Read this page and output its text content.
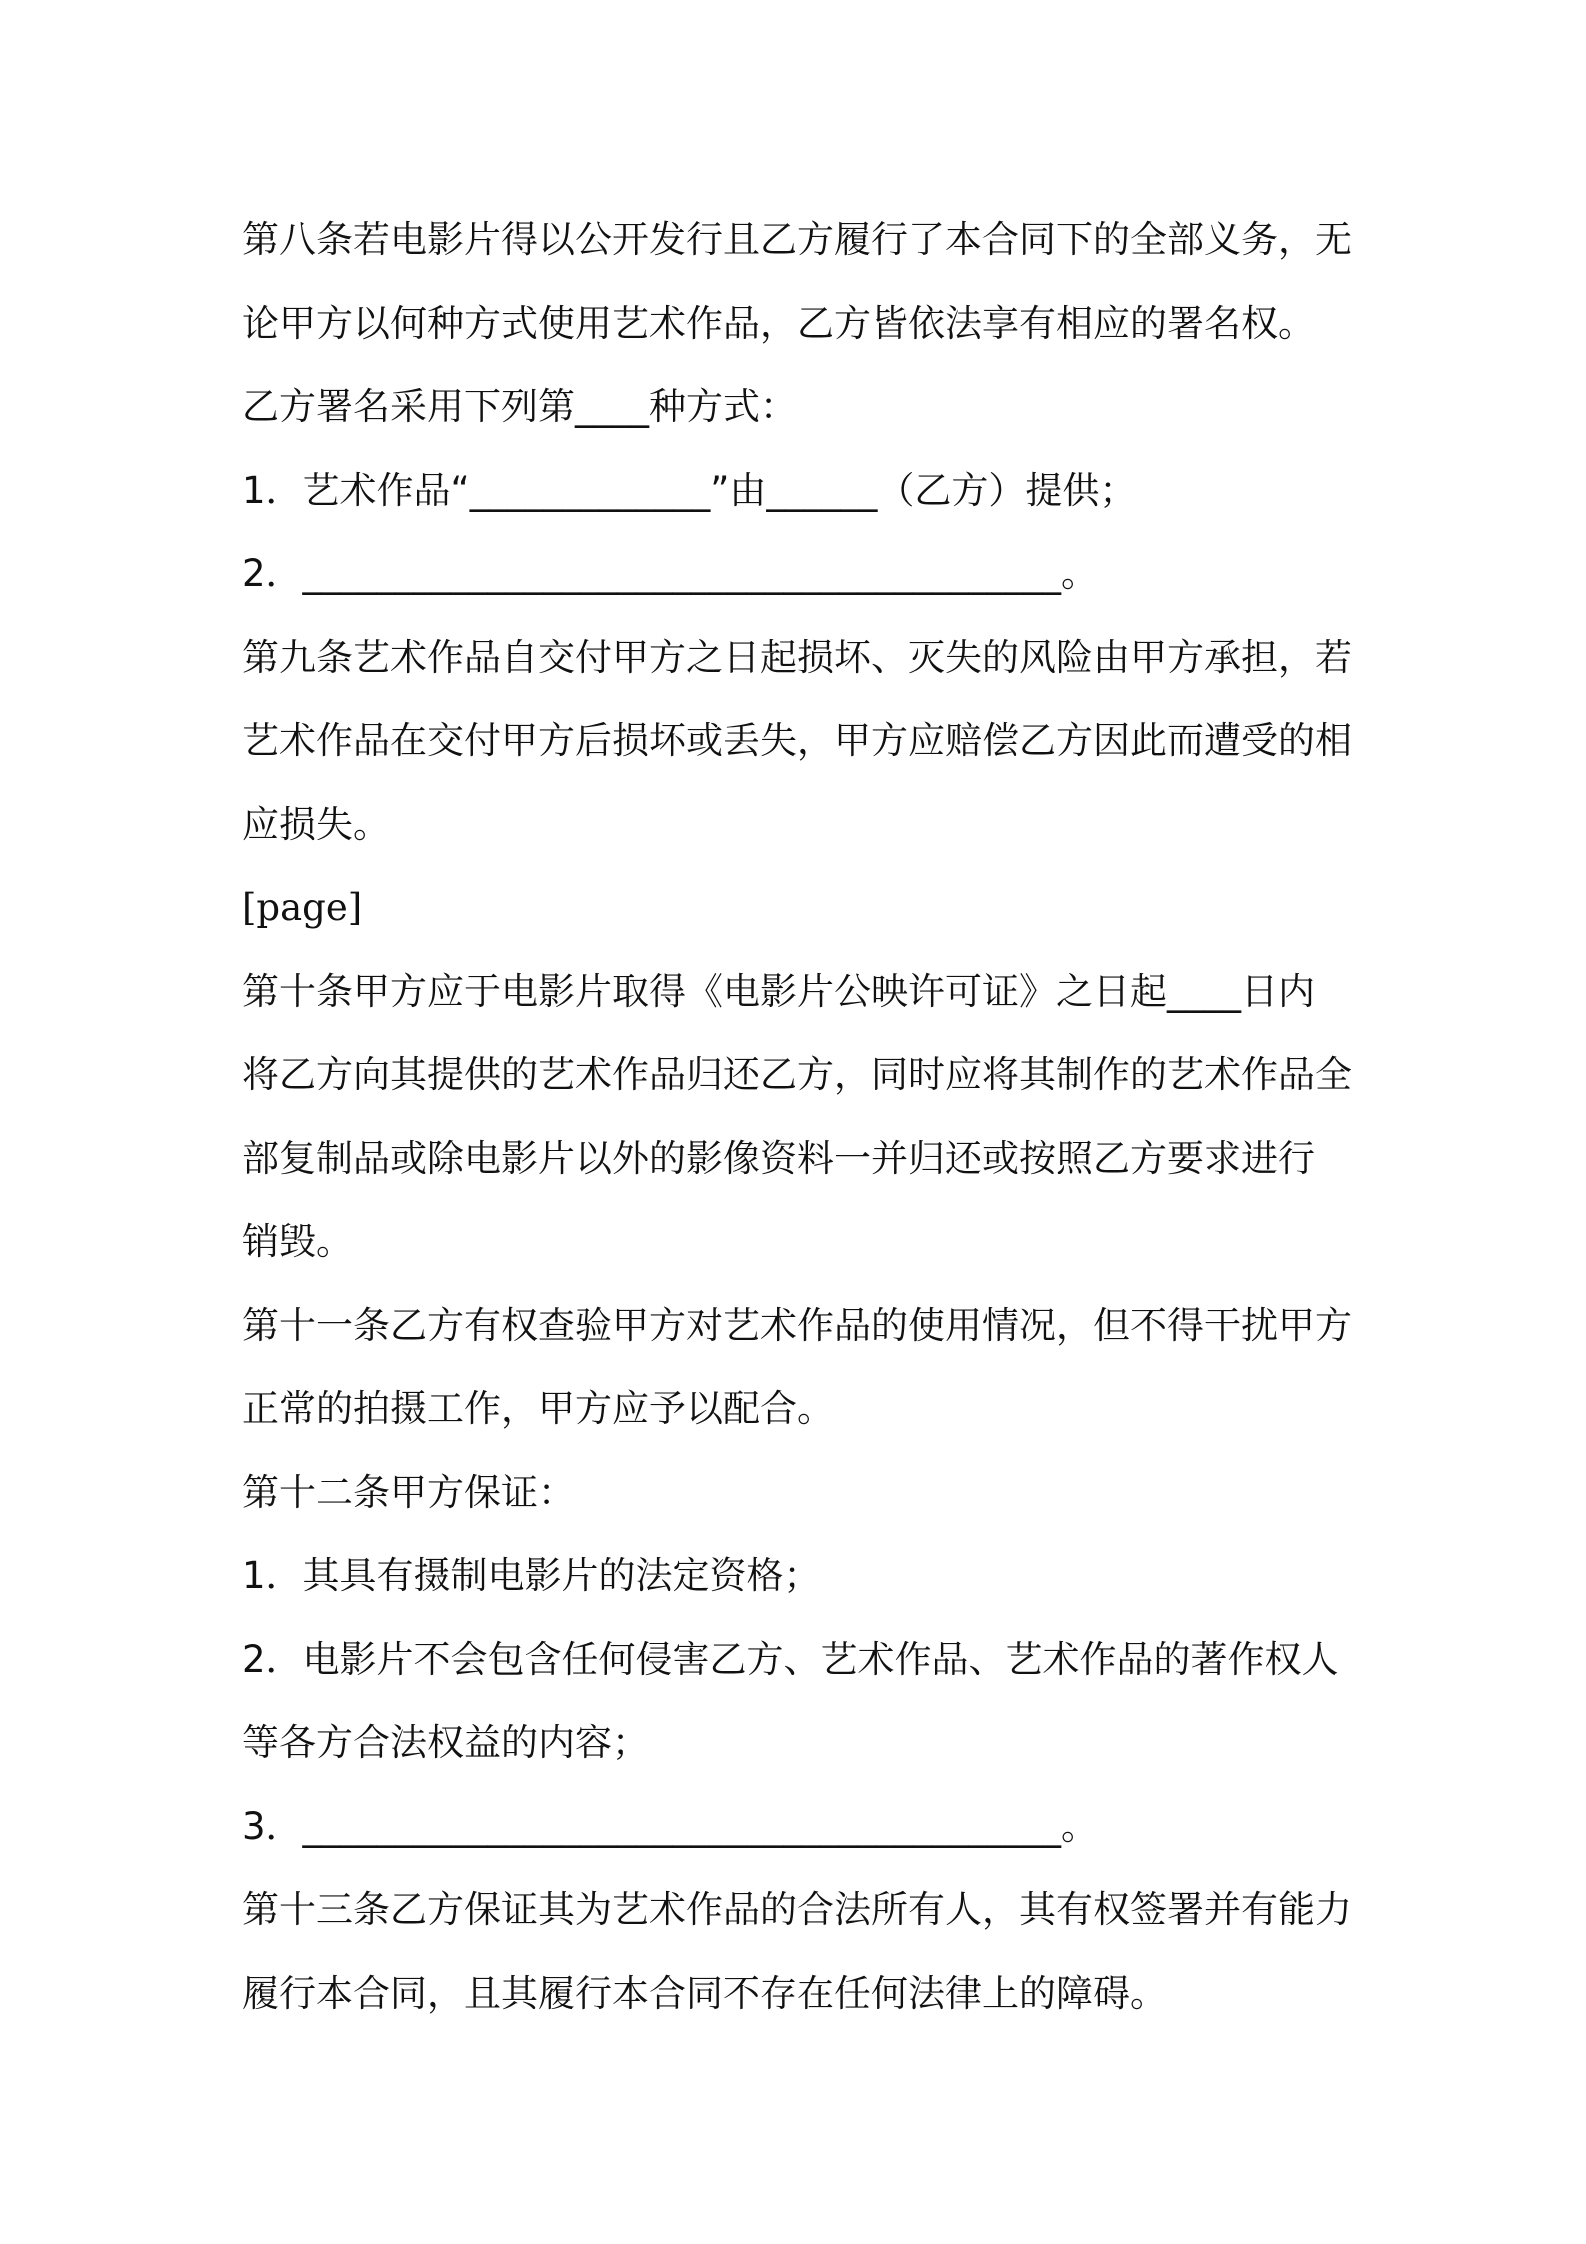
第八条若电影片得以公开发行且乙方履行了本合同下的全部义务，无
论甲方以何种方式使用艺术作品，乙方皆依法享有相应的署名权。
乙方署名采用下列第____种方式：
1．艺术作品“_____________”由______（乙方）提供；
2．_________________________________________。
第九条艺术作品自交付甲方之日起损坏、灭失的风险由甲方承担，若
艺术作品在交付甲方后损坏或丢失，甲方应赔偿乙方因此而遭受的相
应损失。
[page]
第十条甲方应于电影片取得《电影片公映许可证》之日起____日内
将乙方向其提供的艺术作品归还乙方，同时应将其制作的艺术作品全
部复制品或除电影片以外的影像资料一并归还或按照乙方要求进行
销毁。
第十一条乙方有权查验甲方对艺术作品的使用情况，但不得干扰甲方
正常的拍摄工作，甲方应予以配合。
第十二条甲方保证：
1．其具有摄制电影片的法定资格；
2．电影片不会包含任何侵害乙方、艺术作品、艺术作品的著作权人
等各方合法权益的内容；
3．_________________________________________。
第十三条乙方保证其为艺术作品的合法所有人，其有权签署并有能力
履行本合同，且其履行本合同不存在任何法律上的障碍。
